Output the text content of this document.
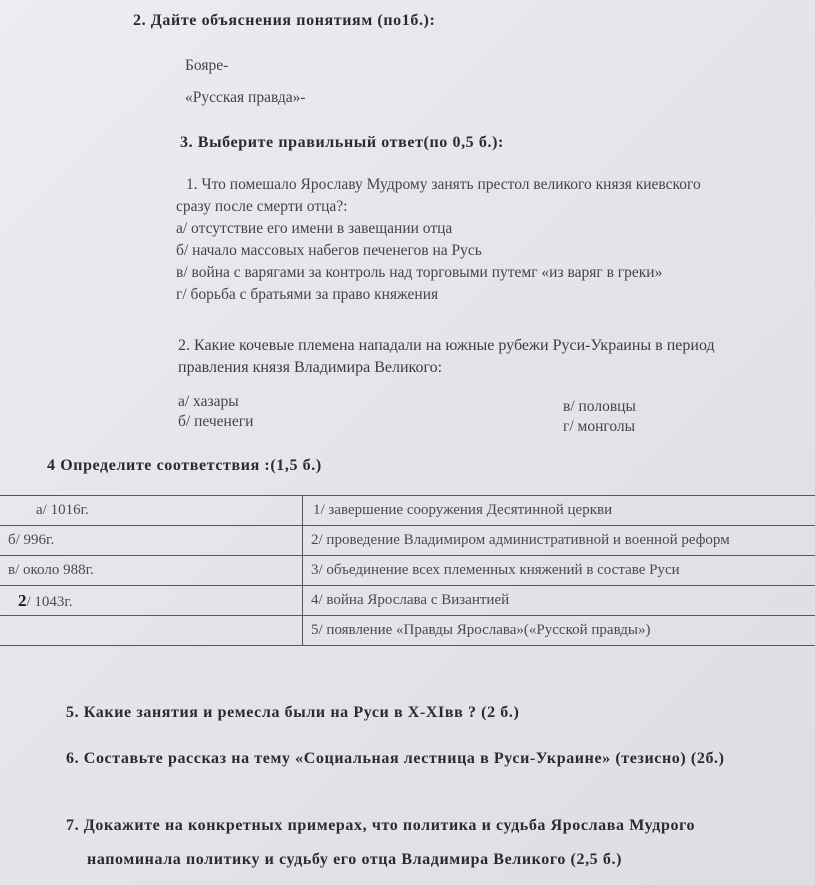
2. Дайте объяснения понятиям (по1б.):
Бояре-
«Русская правда»-
3. Выберите правильный ответ(по 0,5 б.):
1. Что помешало Ярославу Мудрому занять престол великого князя киевского
сразу после смерти отца?:
а/ отсутствие его имени в завещании отца
б/ начало массовых набегов печенегов на Русь
в/ война с варягами за контроль над торговыми путемг «из варяг в греки»
г/ борьба с братьями за право княжения
2. Какие кочевые племена нападали на южные рубежи Руси-Украины в период
правления князя Владимира Великого:
а/ хазары
б/ печенеги
в/ половцы
г/ монголы
4 Определите соответствия :(1,5 б.)
а/ 1016г.	1/ завершение сооружения Десятинной церкви
б/ 996г.	2/ проведение Владимиром административной и военной реформ
в/ около 988г.	3/ объединение всех племенных княжений в составе Руси
2/ 1043г.	4/ война Ярослава с Византией
	5/ появление «Правды Ярослава»(«Русской правды»)
5. Какие занятия и ремесла были на Руси в X-XIвв ? (2 б.)
6. Составьте рассказ на тему «Социальная лестница в Руси-Украине» (тезисно) (2б.)
7. Докажите на конкретных примерах, что политика и судьба Ярослава Мудрого
напоминала политику и судьбу его отца Владимира Великого (2,5 б.)
